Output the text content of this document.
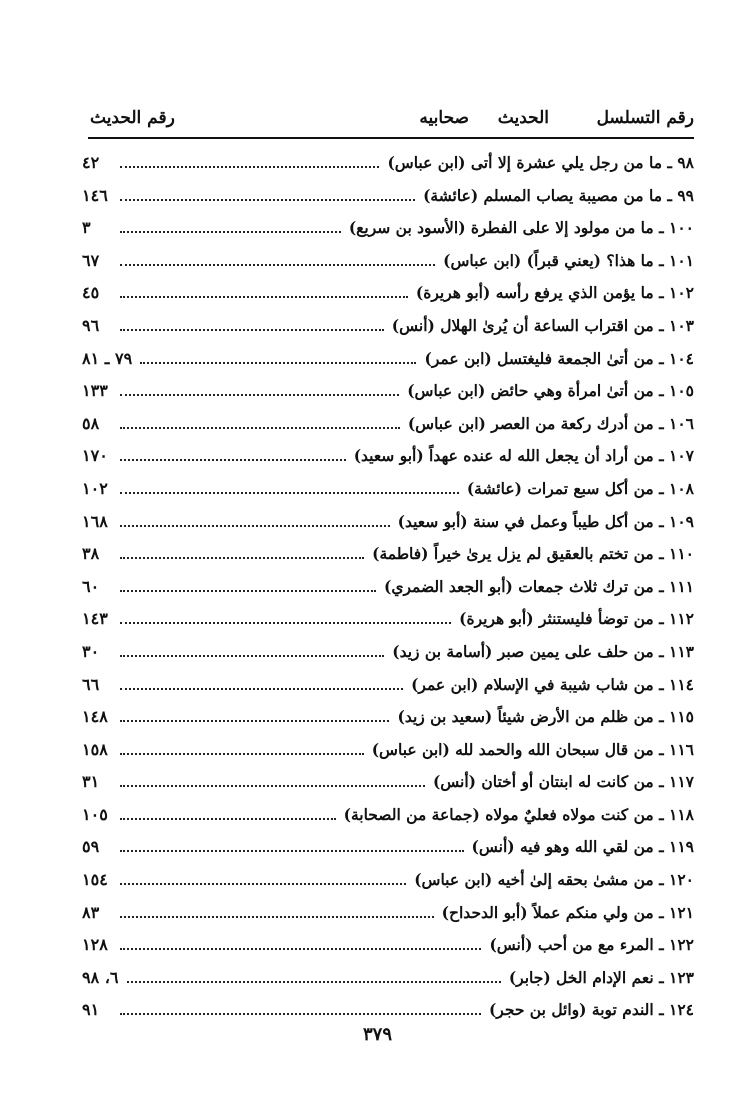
رقم التسلسل
الحديث
صحابيه
رقم الحديث
٤٢	٩٨ ـ ما من رجل يلي عشرة إلا أتى (ابن عباس)
١٤٦	٩٩ ـ ما من مصيبة يصاب المسلم (عائشة)
٣	١٠٠ ـ ما من مولود إلا على الفطرة (الأسود بن سريع)
٦٧	١٠١ ـ ما هذا؟ (يعني قبراً) (ابن عباس)
٤٥	١٠٢ ـ ما يؤمن الذي يرفع رأسه (أبو هريرة)
٩٦	١٠٣ ـ من اقتراب الساعة أن يُرىٰ الهلال (أنس)
٧٩ ـ ٨١	١٠٤ ـ من أتىٰ الجمعة فليغتسل (ابن عمر)
١٣٣	١٠٥ ـ من أتىٰ امرأة وهي حائض (ابن عباس)
٥٨	١٠٦ ـ من أدرك ركعة من العصر (ابن عباس)
١٧٠	١٠٧ ـ من أراد أن يجعل الله له عنده عهداً (أبو سعيد)
١٠٢	١٠٨ ـ من أكل سبع تمرات (عائشة)
١٦٨	١٠٩ ـ من أكل طيباً وعمل في سنة (أبو سعيد)
٣٨	١١٠ ـ من تختم بالعقيق لم يزل يرىٰ خيراً (فاطمة)
٦٠	١١١ ـ من ترك ثلاث جمعات (أبو الجعد الضمري)
١٤٣	١١٢ ـ من توضأ فليستنثر (أبو هريرة)
٣٠	١١٣ ـ من حلف على يمين صبر (أسامة بن زيد)
٦٦	١١٤ ـ من شاب شيبة في الإسلام (ابن عمر)
١٤٨	١١٥ ـ من ظلم من الأرض شيئاً (سعيد بن زيد)
١٥٨	١١٦ ـ من قال سبحان الله والحمد لله (ابن عباس)
٣١	١١٧ ـ من كانت له ابنتان أو أختان (أنس)
١٠٥	١١٨ ـ من كنت مولاه فعليٌ مولاه (جماعة من الصحابة)
٥٩	١١٩ ـ من لقي الله وهو فيه (أنس)
١٥٤	١٢٠ ـ من مشىٰ بحقه إلىٰ أخيه (ابن عباس)
٨٣	١٢١ ـ من ولي منكم عملاً (أبو الدحداح)
١٢٨	١٢٢ ـ المرء مع من أحب (أنس)
٦، ٩٨	١٢٣ ـ نعم الإدام الخل (جابر)
٩١	١٢٤ ـ الندم توبة (وائل بن حجر)
٣٧٩
